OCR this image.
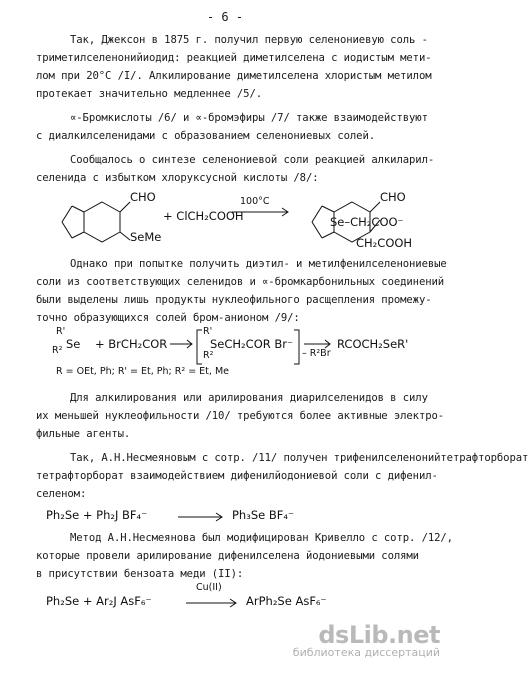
- 6 -
Так, Джексон в 1875 г. получил первую селенониевую соль -
триметилселенонийиодид: реакцией диметилселена с иодистым мети-
лом при 20°С /I/. Алкилирование диметилселена хлористым метилом
протекает значительно медленнее /5/.
∝-Бромкислоты /6/ и ∝-бромэфиры /7/ также взаимодействуют
с диалкилселенидами с образованием селенониевых солей.
Сообщалось о синтезе селенониевой соли реакцией алкиларил-
селенида с избытком хлоруксусной кислоты /8/:
CHO
SeMe
+ ClCH₂COOH
100°C	CHO
Se–CH₂COO⁻
CH₂COOH
Однако при попытке получить диэтил- и метилфенилселенониевые
соли из соответствующих селенидов и ∝-бромкарбонильных соединений
были выделены лишь продукты нуклеофильного расщепления промежу-
точно образующихся солей бром-анионом /9/:
R'
R² Se + BrCH₂COR
R'
R²
SeCH₂COR Br⁻
– R²Br
RCOCH₂SeR'
R = OEt, Ph; R' = Et, Ph; R² = Et, Me
Для алкилирования или арилирования диарилселенидов в силу
их меньшей нуклеофильности /10/ требуются более активные электро-
фильные агенты.
Так, А.Н.Несмеяновым с сотр. /11/ получен трифенилселенонийтетрафторборат
тетрафторборат взаимодействием дифенилйодониевой соли с дифенил-
селеном:
Ph₂Se + Ph₂J BF₄⁻	Ph₃Se BF₄⁻
Метод А.Н.Несмеянова был модифицирован Кривелло с сотр. /12/,
которые провели арилирование дифенилселена йодониевыми солями
в присутствии бензоата меди (II):
Ph₂Se + Ar₂J AsF₆⁻
Cu(II)
ArPh₂Se AsF₆⁻
dsLib.net
библиотека диссертаций
